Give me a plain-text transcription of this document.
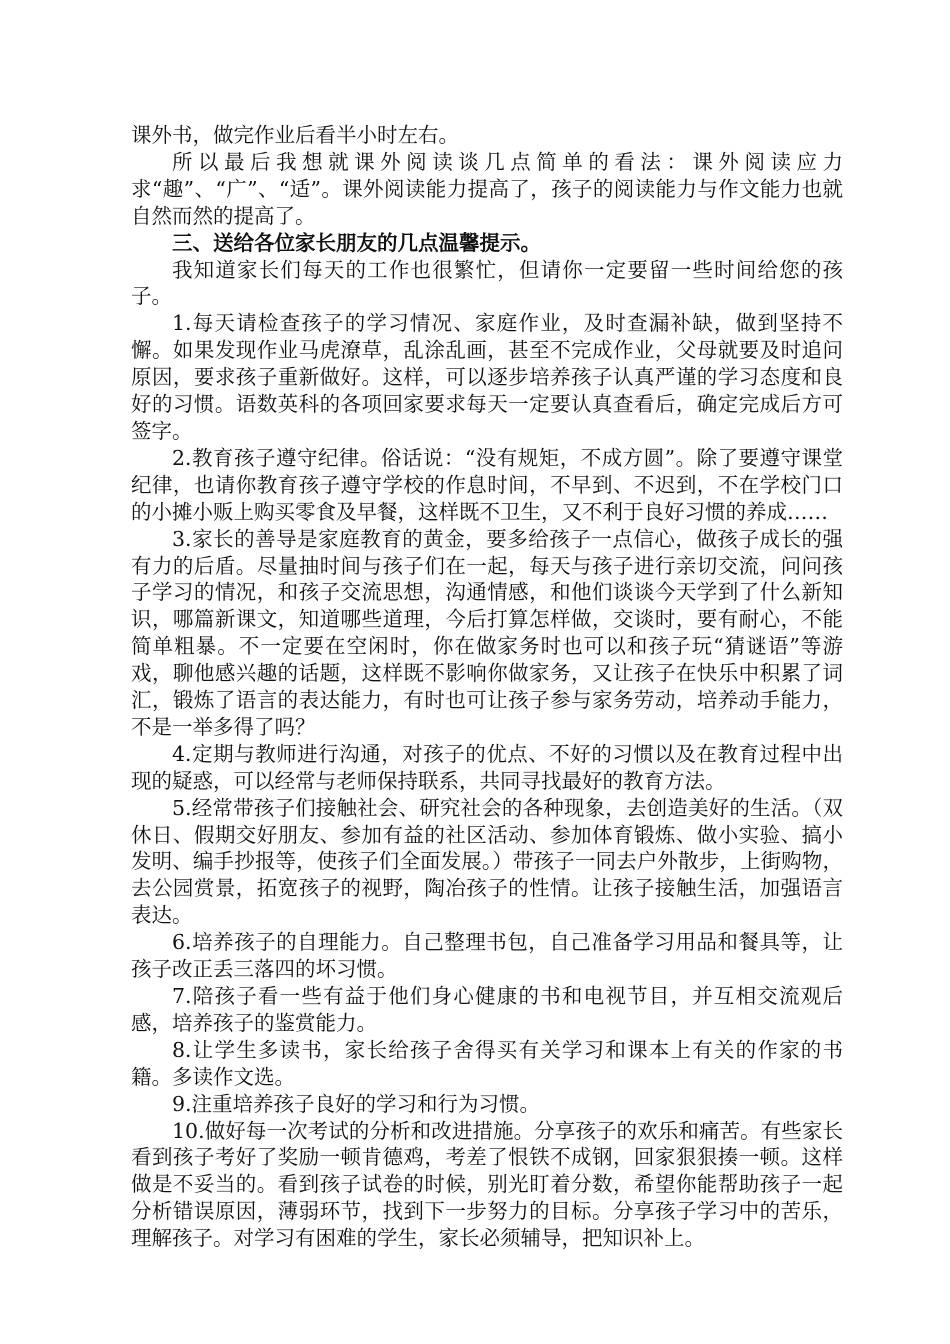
课外书，做完作业后看半小时左右。

所以最后我想就课外阅读谈几点简单的看法：课外阅读应力求“趣”、“广”、“适”。课外阅读能力提高了，孩子的阅读能力与作文能力也就自然而然的提高了。

三、送给各位家长朋友的几点温馨提示。

我知道家长们每天的工作也很繁忙，但请你一定要留一些时间给您的孩子。

1.每天请检查孩子的学习情况、家庭作业，及时查漏补缺，做到坚持不懈。如果发现作业马虎潦草，乱涂乱画，甚至不完成作业，父母就要及时追问原因，要求孩子重新做好。这样，可以逐步培养孩子认真严谨的学习态度和良好的习惯。语数英科的各项回家要求每天一定要认真查看后，确定完成后方可签字。

2.教育孩子遵守纪律。俗话说：“没有规矩，不成方圆”。除了要遵守课堂纪律，也请你教育孩子遵守学校的作息时间，不早到、不迟到，不在学校门口的小摊小贩上购买零食及早餐，这样既不卫生，又不利于良好习惯的养成……

3.家长的善导是家庭教育的黄金，要多给孩子一点信心，做孩子成长的强有力的后盾。尽量抽时间与孩子们在一起，每天与孩子进行亲切交流，问问孩子学习的情况，和孩子交流思想，沟通情感，和他们谈谈今天学到了什么新知识，哪篇新课文，知道哪些道理，今后打算怎样做，交谈时，要有耐心，不能简单粗暴。不一定要在空闲时，你在做家务时也可以和孩子玩“猜谜语”等游戏，聊他感兴趣的话题，这样既不影响你做家务，又让孩子在快乐中积累了词汇，锻炼了语言的表达能力，有时也可让孩子参与家务劳动，培养动手能力，不是一举多得了吗？

4.定期与教师进行沟通，对孩子的优点、不好的习惯以及在教育过程中出现的疑惑，可以经常与老师保持联系，共同寻找最好的教育方法。

5.经常带孩子们接触社会、研究社会的各种现象，去创造美好的生活。（双休日、假期交好朋友、参加有益的社区活动、参加体育锻炼、做小实验、搞小发明、编手抄报等，使孩子们全面发展。）带孩子一同去户外散步，上街购物，去公园赏景，拓宽孩子的视野，陶冶孩子的性情。让孩子接触生活，加强语言表达。

6.培养孩子的自理能力。自己整理书包，自己准备学习用品和餐具等，让孩子改正丢三落四的坏习惯。

7.陪孩子看一些有益于他们身心健康的书和电视节目，并互相交流观后感，培养孩子的鉴赏能力。

8.让学生多读书，家长给孩子舍得买有关学习和课本上有关的作家的书籍。多读作文选。

9.注重培养孩子良好的学习和行为习惯。

10.做好每一次考试的分析和改进措施。分享孩子的欢乐和痛苦。有些家长看到孩子考好了奖励一顿肯德鸡，考差了恨铁不成钢，回家狠狠揍一顿。这样做是不妥当的。看到孩子试卷的时候，别光盯着分数，希望你能帮助孩子一起分析错误原因，薄弱环节，找到下一步努力的目标。分享孩子学习中的苦乐，理解孩子。对学习有困难的学生，家长必须辅导，把知识补上。
